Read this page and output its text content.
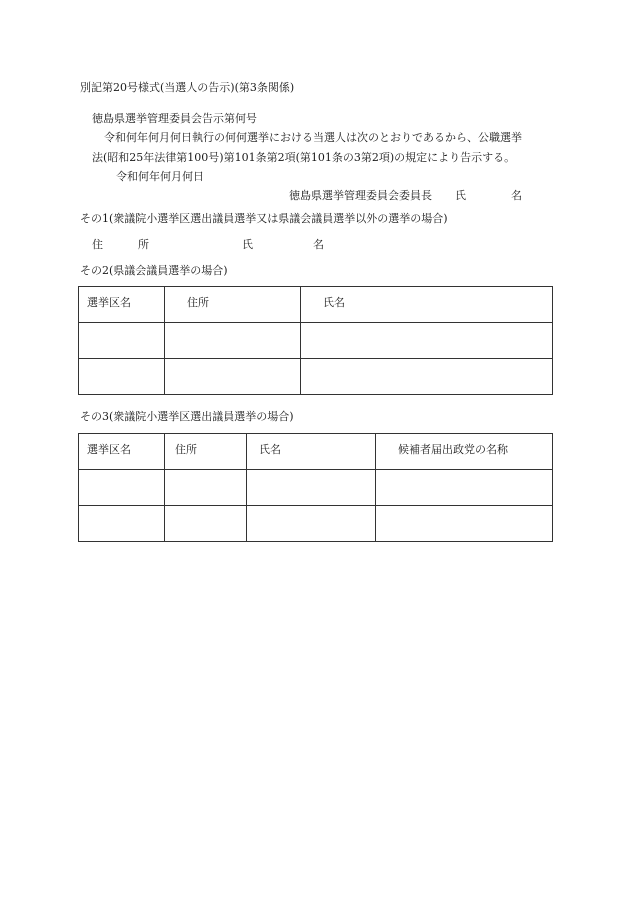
別記第20号様式(当選人の告示)(第3条関係)
徳島県選挙管理委員会告示第何号
令和何年何月何日執行の何何選挙における当選人は次のとおりであるから、公職選挙
法(昭和25年法律第100号)第101条第2項(第101条の3第2項)の規定により告示する。
令和何年何月何日
徳島県選挙管理委員会委員長 氏	名
その1(衆議院小選挙区選出議員選挙又は県議会議員選挙以外の選挙の場合)
住	所	氏	名
その2(県議会議員選挙の場合)
選挙区名	住所	氏名

その3(衆議院小選挙区選出議員選挙の場合)
選挙区名	住所	氏名	候補者届出政党の名称
